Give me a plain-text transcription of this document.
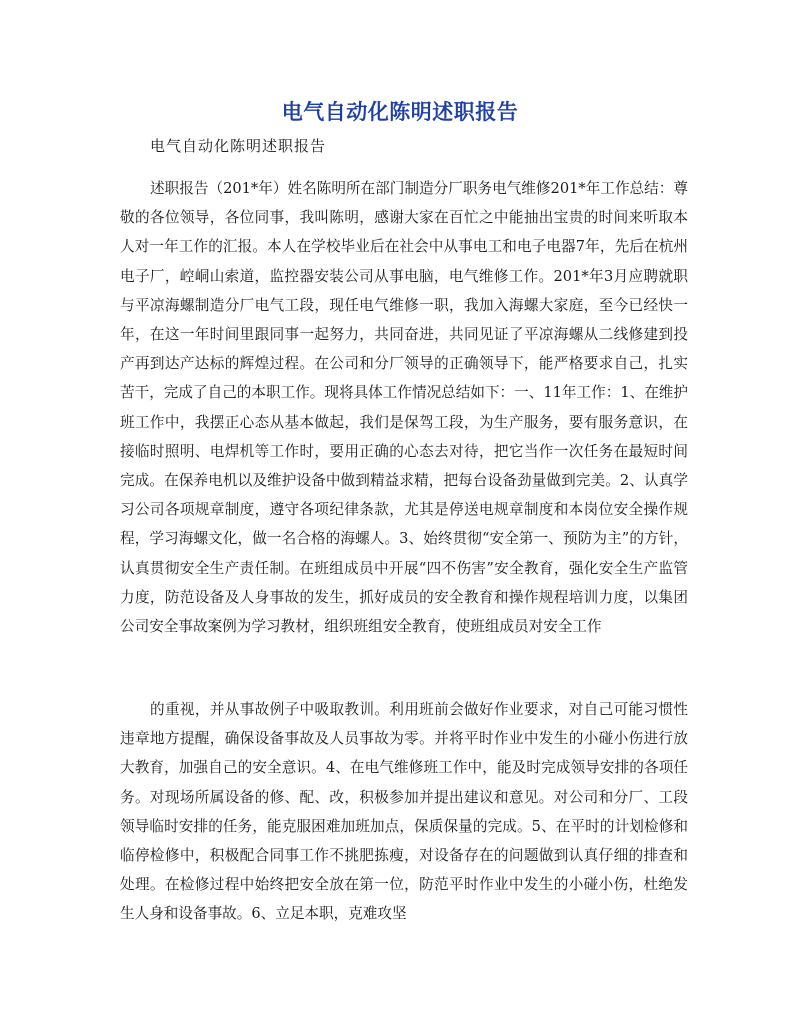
电气自动化陈明述职报告
电气自动化陈明述职报告

述职报告（201*年）姓名陈明所在部门制造分厂职务电气维修201*年工作总结：尊敬的各位领导，各位同事，我叫陈明，感谢大家在百忙之中能抽出宝贵的时间来听取本人对一年工作的汇报。本人在学校毕业后在社会中从事电工和电子电器7年，先后在杭州电子厂，崆峒山索道，监控器安装公司从事电脑，电气维修工作。201*年3月应聘就职与平凉海螺制造分厂电气工段，现任电气维修一职，我加入海螺大家庭，至今已经快一年，在这一年时间里跟同事一起努力，共同奋进，共同见证了平凉海螺从二线修建到投产再到达产达标的辉煌过程。在公司和分厂领导的正确领导下，能严格要求自己，扎实苦干，完成了自己的本职工作。现将具体工作情况总结如下：一、11年工作：1、在维护班工作中，我摆正心态从基本做起，我们是保驾工段，为生产服务，要有服务意识，在接临时照明、电焊机等工作时，要用正确的心态去对待，把它当作一次任务在最短时间完成。在保养电机以及维护设备中做到精益求精，把每台设备劲量做到完美。2、认真学习公司各项规章制度，遵守各项纪律条款，尤其是停送电规章制度和本岗位安全操作规程，学习海螺文化，做一名合格的海螺人。3、始终贯彻“安全第一、预防为主”的方针，认真贯彻安全生产责任制。在班组成员中开展“四不伤害”安全教育，强化安全生产监管力度，防范设备及人身事故的发生，抓好成员的安全教育和操作规程培训力度，以集团公司安全事故案例为学习教材，组织班组安全教育，使班组成员对安全工作

的重视，并从事故例子中吸取教训。利用班前会做好作业要求，对自己可能习惯性违章地方提醒，确保设备事故及人员事故为零。并将平时作业中发生的小碰小伤进行放大教育，加强自己的安全意识。4、在电气维修班工作中，能及时完成领导安排的各项任务。对现场所属设备的修、配、改，积极参加并提出建议和意见。对公司和分厂、工段领导临时安排的任务，能克服困难加班加点，保质保量的完成。5、在平时的计划检修和临停检修中，积极配合同事工作不挑肥拣瘦，对设备存在的问题做到认真仔细的排查和处理。在检修过程中始终把安全放在第一位，防范平时作业中发生的小碰小伤，杜绝发生人身和设备事故。6、立足本职，克难攻坚
